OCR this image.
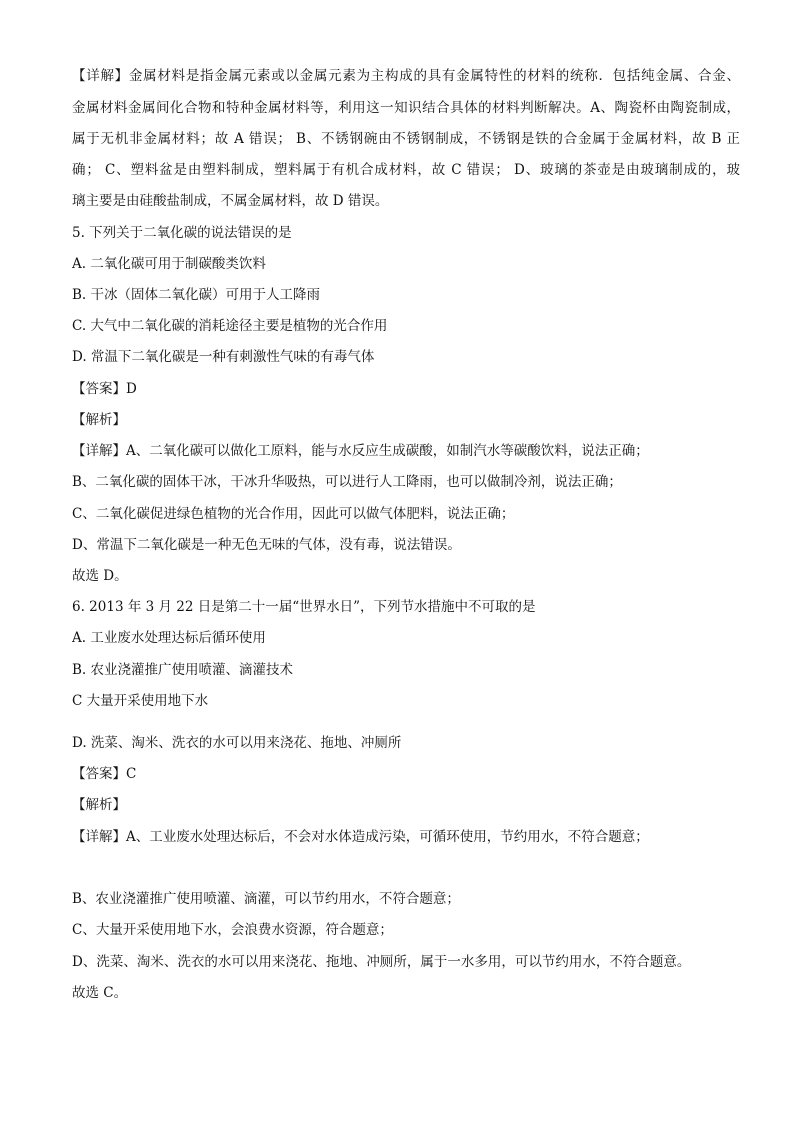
【详解】金属材料是指金属元素或以金属元素为主构成的具有金属特性的材料的统称．包括纯金属、合金、
金属材料金属间化合物和特种金属材料等，利用这一知识结合具体的材料判断解决。A、陶瓷杯由陶瓷制成，
属于无机非金属材料；故 A 错误； B、不锈钢碗由不锈钢制成，不锈钢是铁的合金属于金属材料，故 B 正
确； C、塑料盆是由塑料制成，塑料属于有机合成材料，故 C 错误； D、玻璃的茶壶是由玻璃制成的，玻
璃主要是由硅酸盐制成，不属金属材料，故 D 错误。
5. 下列关于二氧化碳的说法错误的是
A. 二氧化碳可用于制碳酸类饮料
B. 干冰（固体二氧化碳）可用于人工降雨
C. 大气中二氧化碳的消耗途径主要是植物的光合作用
D. 常温下二氧化碳是一种有刺激性气味的有毒气体
【答案】D
【解析】
【详解】A、二氧化碳可以做化工原料，能与水反应生成碳酸，如制汽水等碳酸饮料，说法正确；
B、二氧化碳的固体干冰，干冰升华吸热，可以进行人工降雨，也可以做制冷剂，说法正确；
C、二氧化碳促进绿色植物的光合作用，因此可以做气体肥料，说法正确；
D、常温下二氧化碳是一种无色无味的气体，没有毒，说法错误。
故选 D。
6. 2013 年 3 月 22 日是第二十一届“世界水日”，下列节水措施中不可取的是
A. 工业废水处理达标后循环使用
B. 农业浇灌推广使用喷灌、滴灌技术
C 大量开采使用地下水
D. 洗菜、淘米、洗衣的水可以用来浇花、拖地、冲厕所
【答案】C
【解析】
【详解】A、工业废水处理达标后，不会对水体造成污染，可循环使用，节约用水，不符合题意；
B、农业浇灌推广使用喷灌、滴灌，可以节约用水，不符合题意；
C、大量开采使用地下水，会浪费水资源，符合题意；
D、洗菜、淘米、洗衣的水可以用来浇花、拖地、冲厕所，属于一水多用，可以节约用水，不符合题意。
故选 C。
